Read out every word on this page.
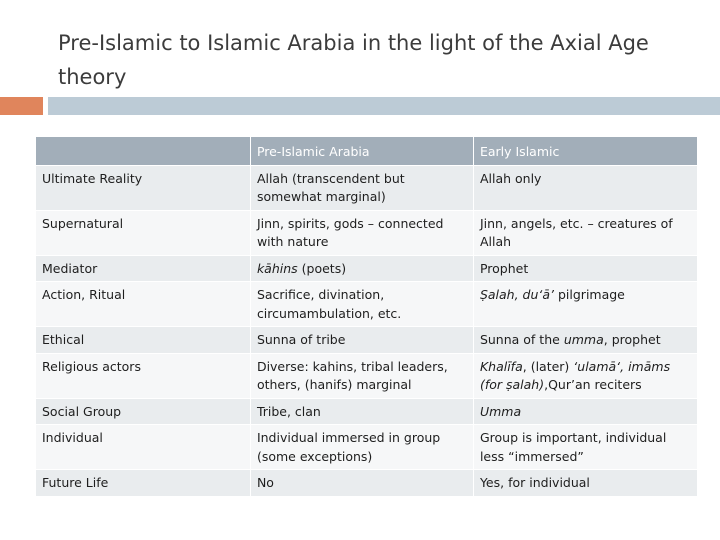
Pre-Islamic to Islamic Arabia in the light of the Axial Age theory
	Pre-Islamic Arabia	Early Islamic
Ultimate Reality	Allah (transcendent but somewhat marginal)	Allah only
Supernatural	Jinn, spirits, gods – connected with nature	Jinn, angels, etc. – creatures of Allah
Mediator	kāhins (poets)	Prophet
Action, Ritual	Sacrifice, divination, circumambulation, etc.	Ṣalah, du‘ā’ pilgrimage
Ethical	Sunna of tribe	Sunna of the umma, prophet
Religious actors	Diverse: kahins, tribal leaders, others, (hanifs) marginal	Khalīfa, (later) ‘ulamā‘, imāms (for ṣalah),Qur’an reciters
Social Group	Tribe, clan	Umma
Individual	Individual immersed in group (some exceptions)	Group is important, individual less “immersed”
Future Life	No	Yes, for individual
